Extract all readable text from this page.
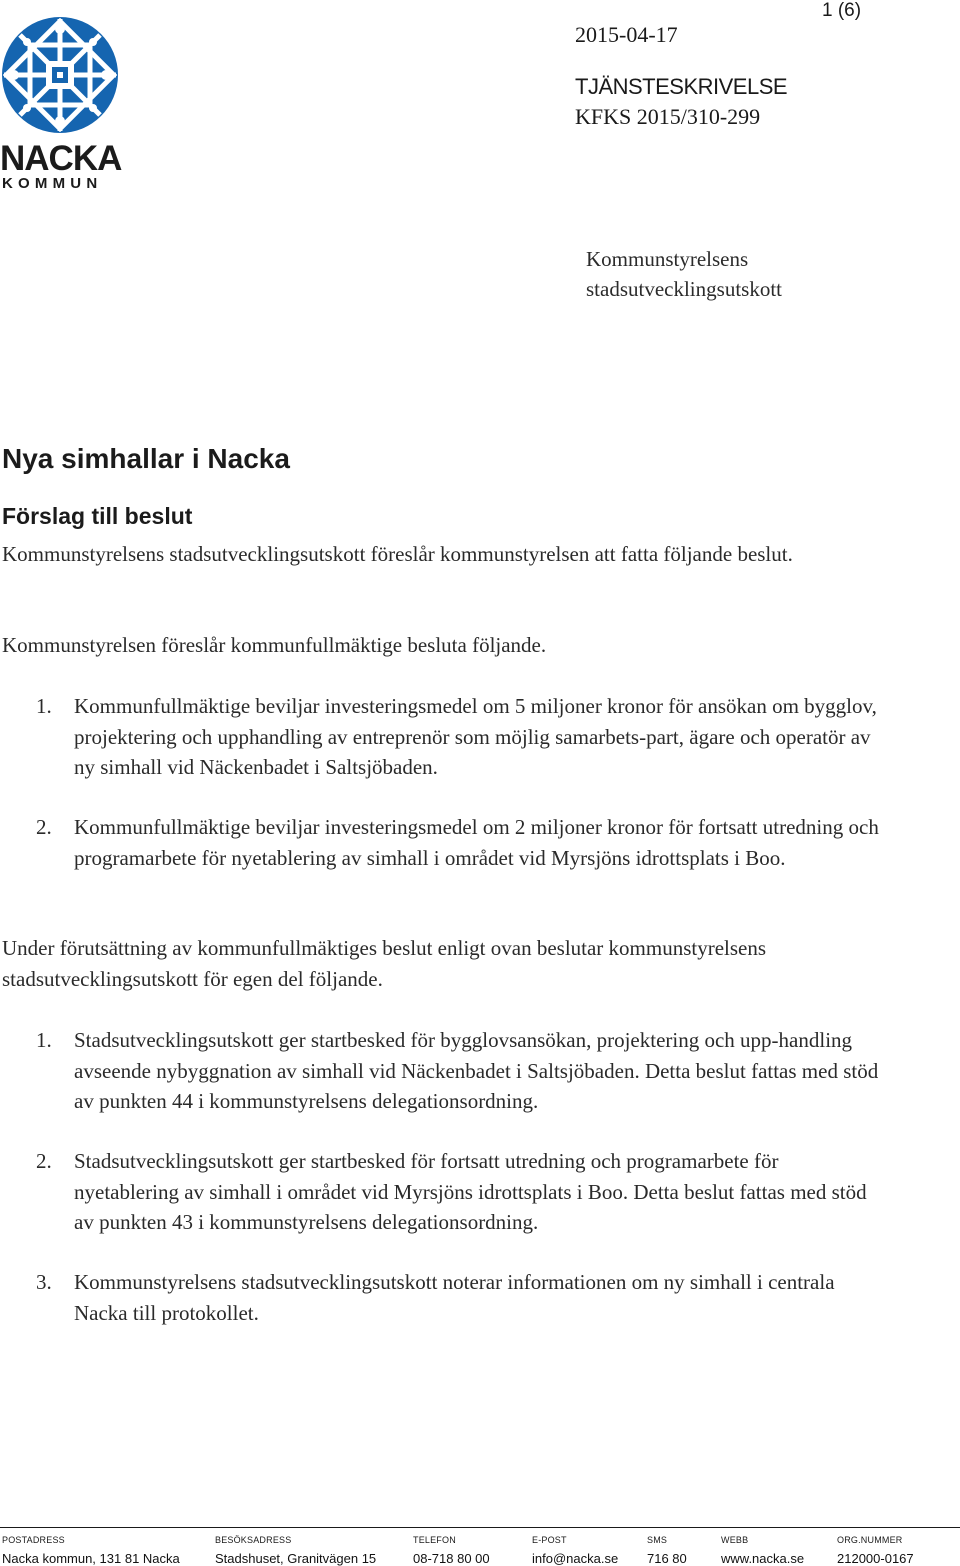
NACKA
KOMMUN
1 (6)
2015-04-17
TJÄNSTESKRIVELSE
KFKS 2015/310-299
Kommunstyrelsens
stadsutvecklingsutskott
Nya simhallar i Nacka
Förslag till beslut
Kommunstyrelsens stadsutvecklingsutskott föreslår kommunstyrelsen att fatta följande beslut.
Kommunstyrelsen föreslår kommunfullmäktige besluta följande.
1.	Kommunfullmäktige beviljar investeringsmedel om 5 miljoner kronor för ansökan om bygglov, projektering och upphandling av entreprenör som möjlig samarbets-part, ägare och operatör av ny simhall vid Näckenbadet i Saltsjöbaden.
2.	Kommunfullmäktige beviljar investeringsmedel om 2 miljoner kronor för fortsatt utredning och programarbete för nyetablering av simhall i området vid Myrsjöns idrottsplats i Boo.
Under förutsättning av kommunfullmäktiges beslut enligt ovan beslutar kommunstyrelsens stadsutvecklingsutskott för egen del följande.
1.	Stadsutvecklingsutskott ger startbesked för bygglovsansökan, projektering och upp-handling avseende nybyggnation av simhall vid Näckenbadet i Saltsjöbaden. Detta beslut fattas med stöd av punkten 44 i kommunstyrelsens delegationsordning.
2.	Stadsutvecklingsutskott ger startbesked för fortsatt utredning och programarbete för nyetablering av simhall i området vid Myrsjöns idrottsplats i Boo. Detta beslut fattas med stöd av punkten 43 i kommunstyrelsens delegationsordning.
3.	Kommunstyrelsens stadsutvecklingsutskott noterar informationen om ny simhall i centrala Nacka till protokollet.
POSTADRESS
Nacka kommun, 131 81 Nacka
BESÖKSADRESS
Stadshuset, Granitvägen 15
TELEFON
08-718 80 00
E-POST
info@nacka.se
SMS
716 80
WEBB
www.nacka.se
ORG.NUMMER
212000-0167
